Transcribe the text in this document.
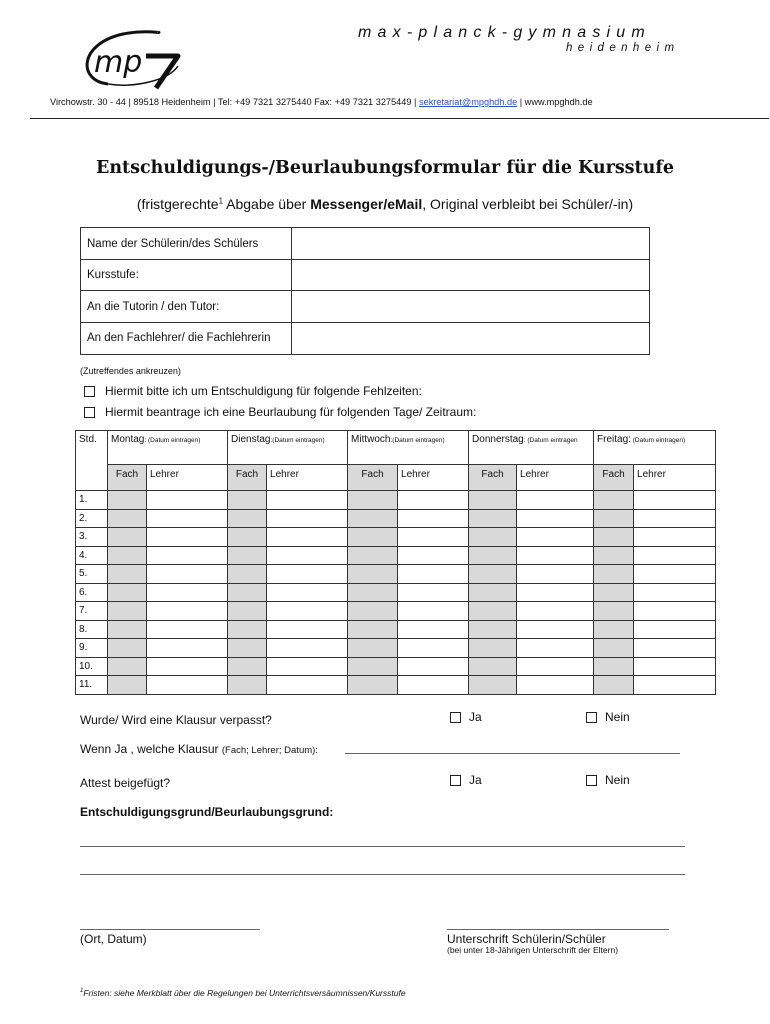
mp
max-planck-gymnasium
heidenheim
Virchowstr. 30 - 44 | 89518 Heidenheim | Tel: +49 7321 3275440 Fax: +49 7321 3275449 | sekretariat@mpghdh.de | www.mpghdh.de
Entschuldigungs-/Beurlaubungsformular für die Kursstufe
(fristgerechte$^1$ Abgabe über Messenger/eMail, Original verbleibt bei Schüler/-in)
Name der Schülerin/des Schülers	
Kursstufe:	
An die Tutorin / den Tutor:	
An den Fachlehrer/ die Fachlehrerin	
(Zutreffendes ankreuzen)
Hiermit bitte ich um Entschuldigung für folgende Fehlzeiten:
Hiermit beantrage ich eine Beurlaubung für folgenden Tage/ Zeitraum:
Std.	Montag: (Datum eintragen)		Dienstag:(Datum eintragen)		Mittwoch:(Datum eintragen)		Donnerstag: (Datum eintragen		Freitag: (Datum eintragen)	
	Fach	Lehrer	Fach	Lehrer	Fach	Lehrer	Fach	Lehrer	Fach	Lehrer
1.										
2.										
3.										
4.										
5.										
6.										
7.										
8.										
9.										
10.										
11.										
Wurde/ Wird eine Klausur verpasst?	Ja	Nein
Wenn Ja , welche Klausur (Fach; Lehrer; Datum):
Attest beigefügt?	Ja	Nein
Entschuldigungsgrund/Beurlaubungsgrund:
(Ort, Datum)	Unterschrift Schülerin/Schüler
(bei unter 18-Jährigen Unterschrift der Eltern)
$^1$Fristen: siehe Merkblatt über die Regelungen bei Unterrichtsversäumnissen/Kursstufe
